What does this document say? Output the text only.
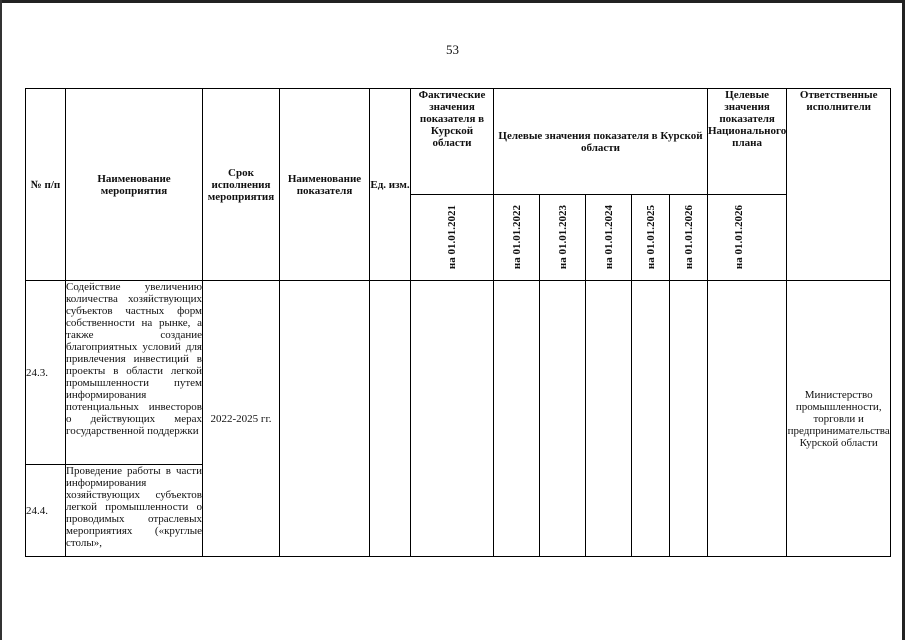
53
№ п/п	Наименование мероприятия	Срок исполнения мероприятия	Наименование показателя	Ед. изм.	Фактические значения показателя в Курской области	Целевые значения показателя в Курской области					Целевые значения показателя Национального плана	Ответственные исполнители

					на 01.01.2021	на 01.01.2022	на 01.01.2023	на 01.01.2024	на 01.01.2025	на 01.01.2026	на 01.01.2026	

24.3.	Содействие увеличению количества хозяйствующих субъектов частных форм собственности на рынке, а также создание благоприятных условий для привлечения инвестиций в проекты в области легкой промышленности путем информирования потенциальных инвесторов о действующих мерах государственной поддержки	2022-2025 гг.										Министерство промышленности, торговли и предпринимательства Курской области
24.4.	Проведение работы в части информирования хозяйствующих субъектов легкой промышленности о проводимых отраслевых мероприятиях («круглые столы»,											
